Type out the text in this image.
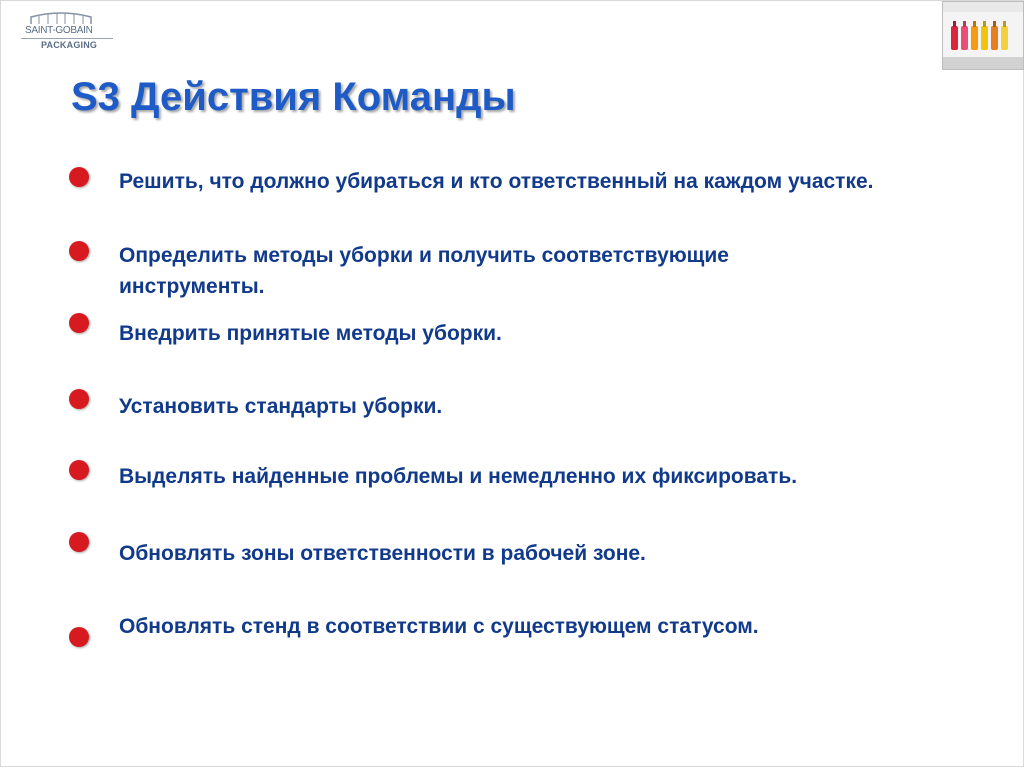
SAINT-GOBAIN
PACKAGING
S3 Действия Команды

Решить, что должно убираться и кто ответственный на каждом участке.

Определить методы уборки и получить соответствующие инструменты.

Внедрить принятые методы уборки.

Установить стандарты уборки.

Выделять найденные проблемы и немедленно их фиксировать.

Обновлять зоны ответственности в рабочей зоне.

Обновлять стенд в соответствии с существующем статусом.
